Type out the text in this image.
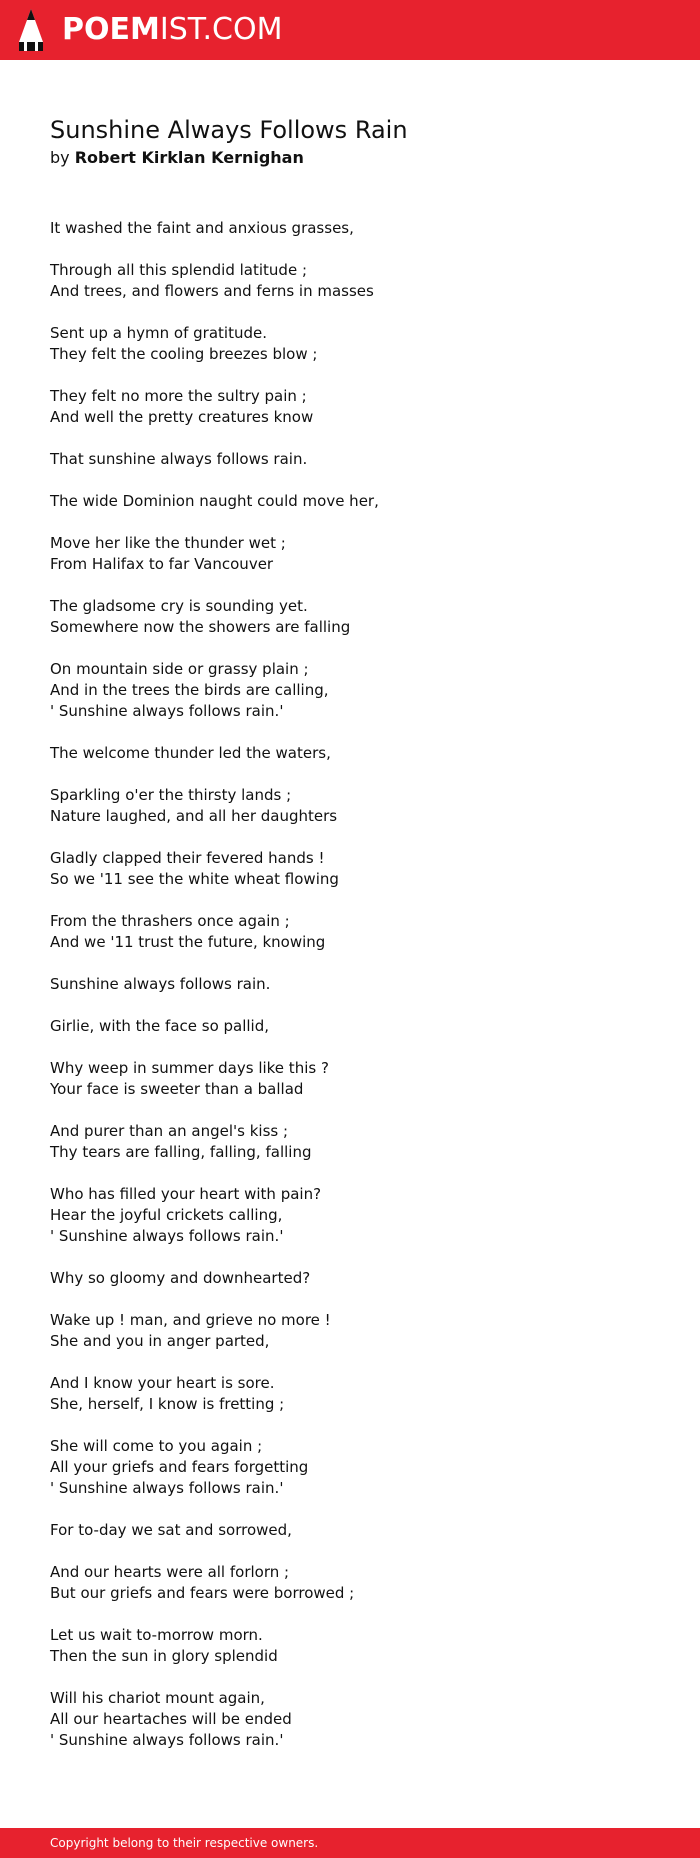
POEMIST.COM
Sunshine Always Follows Rain
by Robert Kirklan Kernighan
It washed the faint and anxious grasses,
Through all this splendid latitude ;
And trees, and flowers and ferns in masses
Sent up a hymn of gratitude.
They felt the cooling breezes blow ;
They felt no more the sultry pain ;
And well the pretty creatures know
That sunshine always follows rain.
The wide Dominion naught could move her,
Move her like the thunder wet ;
From Halifax to far Vancouver
The gladsome cry is sounding yet.
Somewhere now the showers are falling
On mountain side or grassy plain ;
And in the trees the birds are calling,
' Sunshine always follows rain.'
The welcome thunder led the waters,
Sparkling o'er the thirsty lands ;
Nature laughed, and all her daughters
Gladly clapped their fevered hands !
So we '11 see the white wheat flowing
From the thrashers once again ;
And we '11 trust the future, knowing
Sunshine always follows rain.
Girlie, with the face so pallid,
Why weep in summer days like this ?
Your face is sweeter than a ballad
And purer than an angel's kiss ;
Thy tears are falling, falling, falling
Who has filled your heart with pain?
Hear the joyful crickets calling,
' Sunshine always follows rain.'
Why so gloomy and downhearted?
Wake up ! man, and grieve no more !
She and you in anger parted,
And I know your heart is sore.
She, herself, I know is fretting ;
She will come to you again ;
All your griefs and fears forgetting
' Sunshine always follows rain.'
For to-day we sat and sorrowed,
And our hearts were all forlorn ;
But our griefs and fears were borrowed ;
Let us wait to-morrow morn.
Then the sun in glory splendid
Will his chariot mount again,
All our heartaches will be ended
' Sunshine always follows rain.'
Copyright belong to their respective owners.
